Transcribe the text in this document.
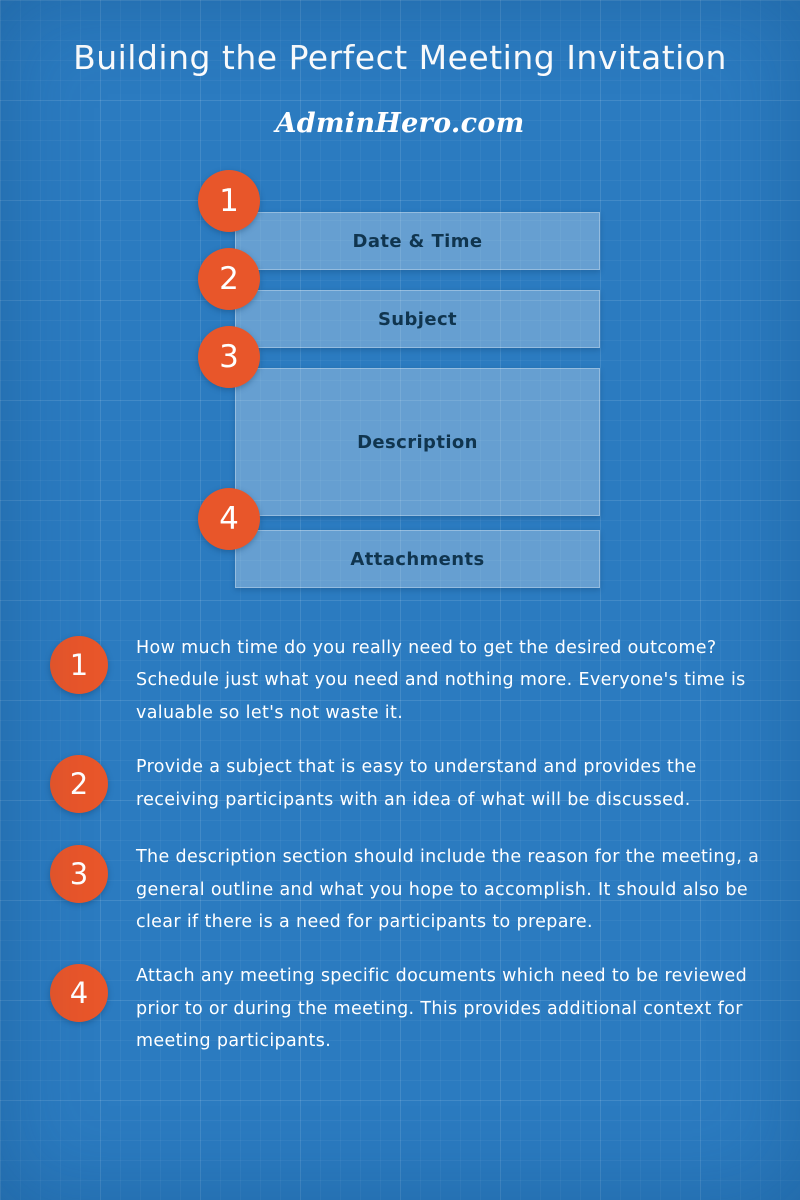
Building the Perfect Meeting Invitation
AdminHero.com
Date & Time
Subject
Description
Attachments
1
2
3
4
1	How much time do you really need to get the desired outcome? Schedule just what you need and nothing more. Everyone's time is valuable so let's not waste it.
2	Provide a subject that is easy to understand and provides the receiving participants with an idea of what will be discussed.
3	The description section should include the reason for the meeting, a general outline and what you hope to accomplish. It should also be clear if there is a need for participants to prepare.
4	Attach any meeting specific documents which need to be reviewed prior to or during the meeting. This provides additional context for meeting participants.
